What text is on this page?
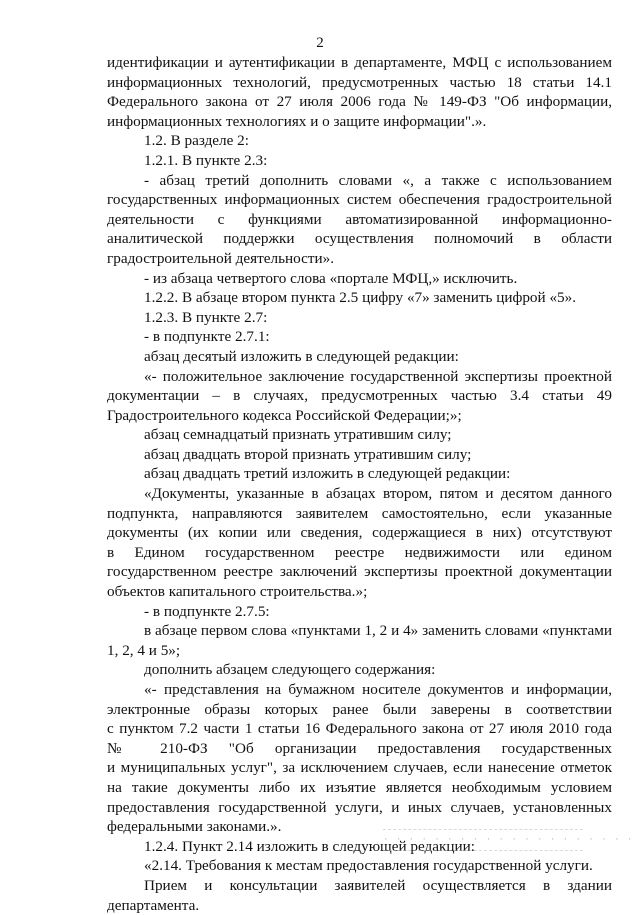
2
идентификации и аутентификации в департаменте, МФЦ с использованием
информационных технологий, предусмотренных частью 18 статьи 14.1
Федерального закона от 27 июля 2006 года № 149-ФЗ "Об информации,
информационных технологиях и о защите информации".».
1.2. В разделе 2:
1.2.1. В пункте 2.3:
- абзац третий дополнить словами «, а также с использованием
государственных информационных систем обеспечения градостроительной
деятельности с функциями автоматизированной информационно-
аналитической поддержки осуществления полномочий в области
градостроительной деятельности».
- из абзаца четвертого слова «портале МФЦ,» исключить.
1.2.2. В абзаце втором пункта 2.5 цифру «7» заменить цифрой «5».
1.2.3. В пункте 2.7:
- в подпункте 2.7.1:
абзац десятый изложить в следующей редакции:
«- положительное заключение государственной экспертизы проектной
документации – в случаях, предусмотренных частью 3.4 статьи 49
Градостроительного кодекса Российской Федерации;»;
абзац семнадцатый признать утратившим силу;
абзац двадцать второй признать утратившим силу;
абзац двадцать третий изложить в следующей редакции:
«Документы, указанные в абзацах втором, пятом и десятом данного
подпункта, направляются заявителем самостоятельно, если указанные
документы (их копии или сведения, содержащиеся в них) отсутствуют
в Едином государственном реестре недвижимости или едином
государственном реестре заключений экспертизы проектной документации
объектов капитального строительства.»;
- в подпункте 2.7.5:
в абзаце первом слова «пунктами 1, 2 и 4» заменить словами «пунктами
1, 2, 4 и 5»;
дополнить абзацем следующего содержания:
«- представления на бумажном носителе документов и информации,
электронные образы которых ранее были заверены в соответствии
с пунктом 7.2 части 1 статьи 16 Федерального закона от 27 июля 2010 года
№ 210-ФЗ "Об организации предоставления государственных
и муниципальных услуг", за исключением случаев, если нанесение отметок
на такие документы либо их изъятие является необходимым условием
предоставления государственной услуги, и иных случаев, установленных
федеральными законами.».
1.2.4. Пункт 2.14 изложить в следующей редакции:
«2.14. Требования к местам предоставления государственной услуги.
Прием и консультации заявителей осуществляется в здании
департамента.
· · · · · · · · · · · · · · · · · · · ·
